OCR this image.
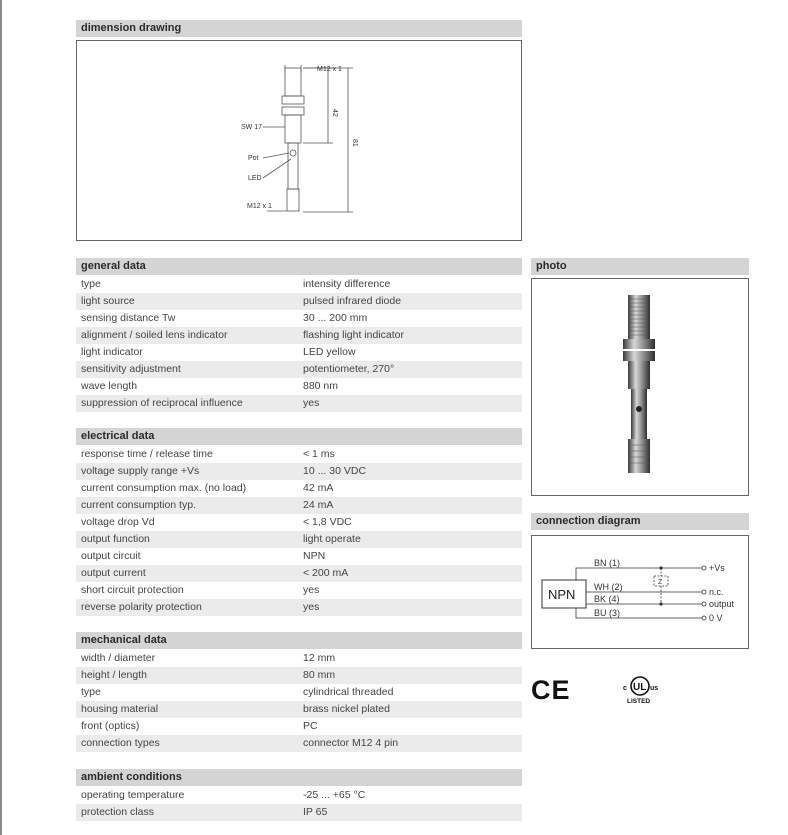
dimension drawing
M12 x 1
42
81
SW 17
Pot
LED
M12 x 1
general data
type	intensity difference
light source	pulsed infrared diode
sensing distance Tw	30 ... 200 mm
alignment / soiled lens indicator	flashing light indicator
light indicator	LED yellow
sensitivity adjustment	potentiometer, 270°
wave length	880 nm
suppression of reciprocal influence	yes
electrical data
response time / release time	< 1 ms
voltage supply range +Vs	10 ... 30 VDC
current consumption max. (no load)	42 mA
current consumption typ.	24 mA
voltage drop Vd	< 1,8 VDC
output function	light operate
output circuit	NPN
output current	< 200 mA
short circuit protection	yes
reverse polarity protection	yes
mechanical data
width / diameter	12 mm
height / length	80 mm
type	cylindrical threaded
housing material	brass nickel plated
front (optics)	PC
connection types	connector M12 4 pin
ambient conditions
operating temperature	-25 ... +65 °C
protection class	IP 65
photo
connection diagram
NPN
BN (1)
WH (2)
BK (4)
BU (3)
Z
+Vs
n.c.
output
0 V
CE	c UL us
LISTED
